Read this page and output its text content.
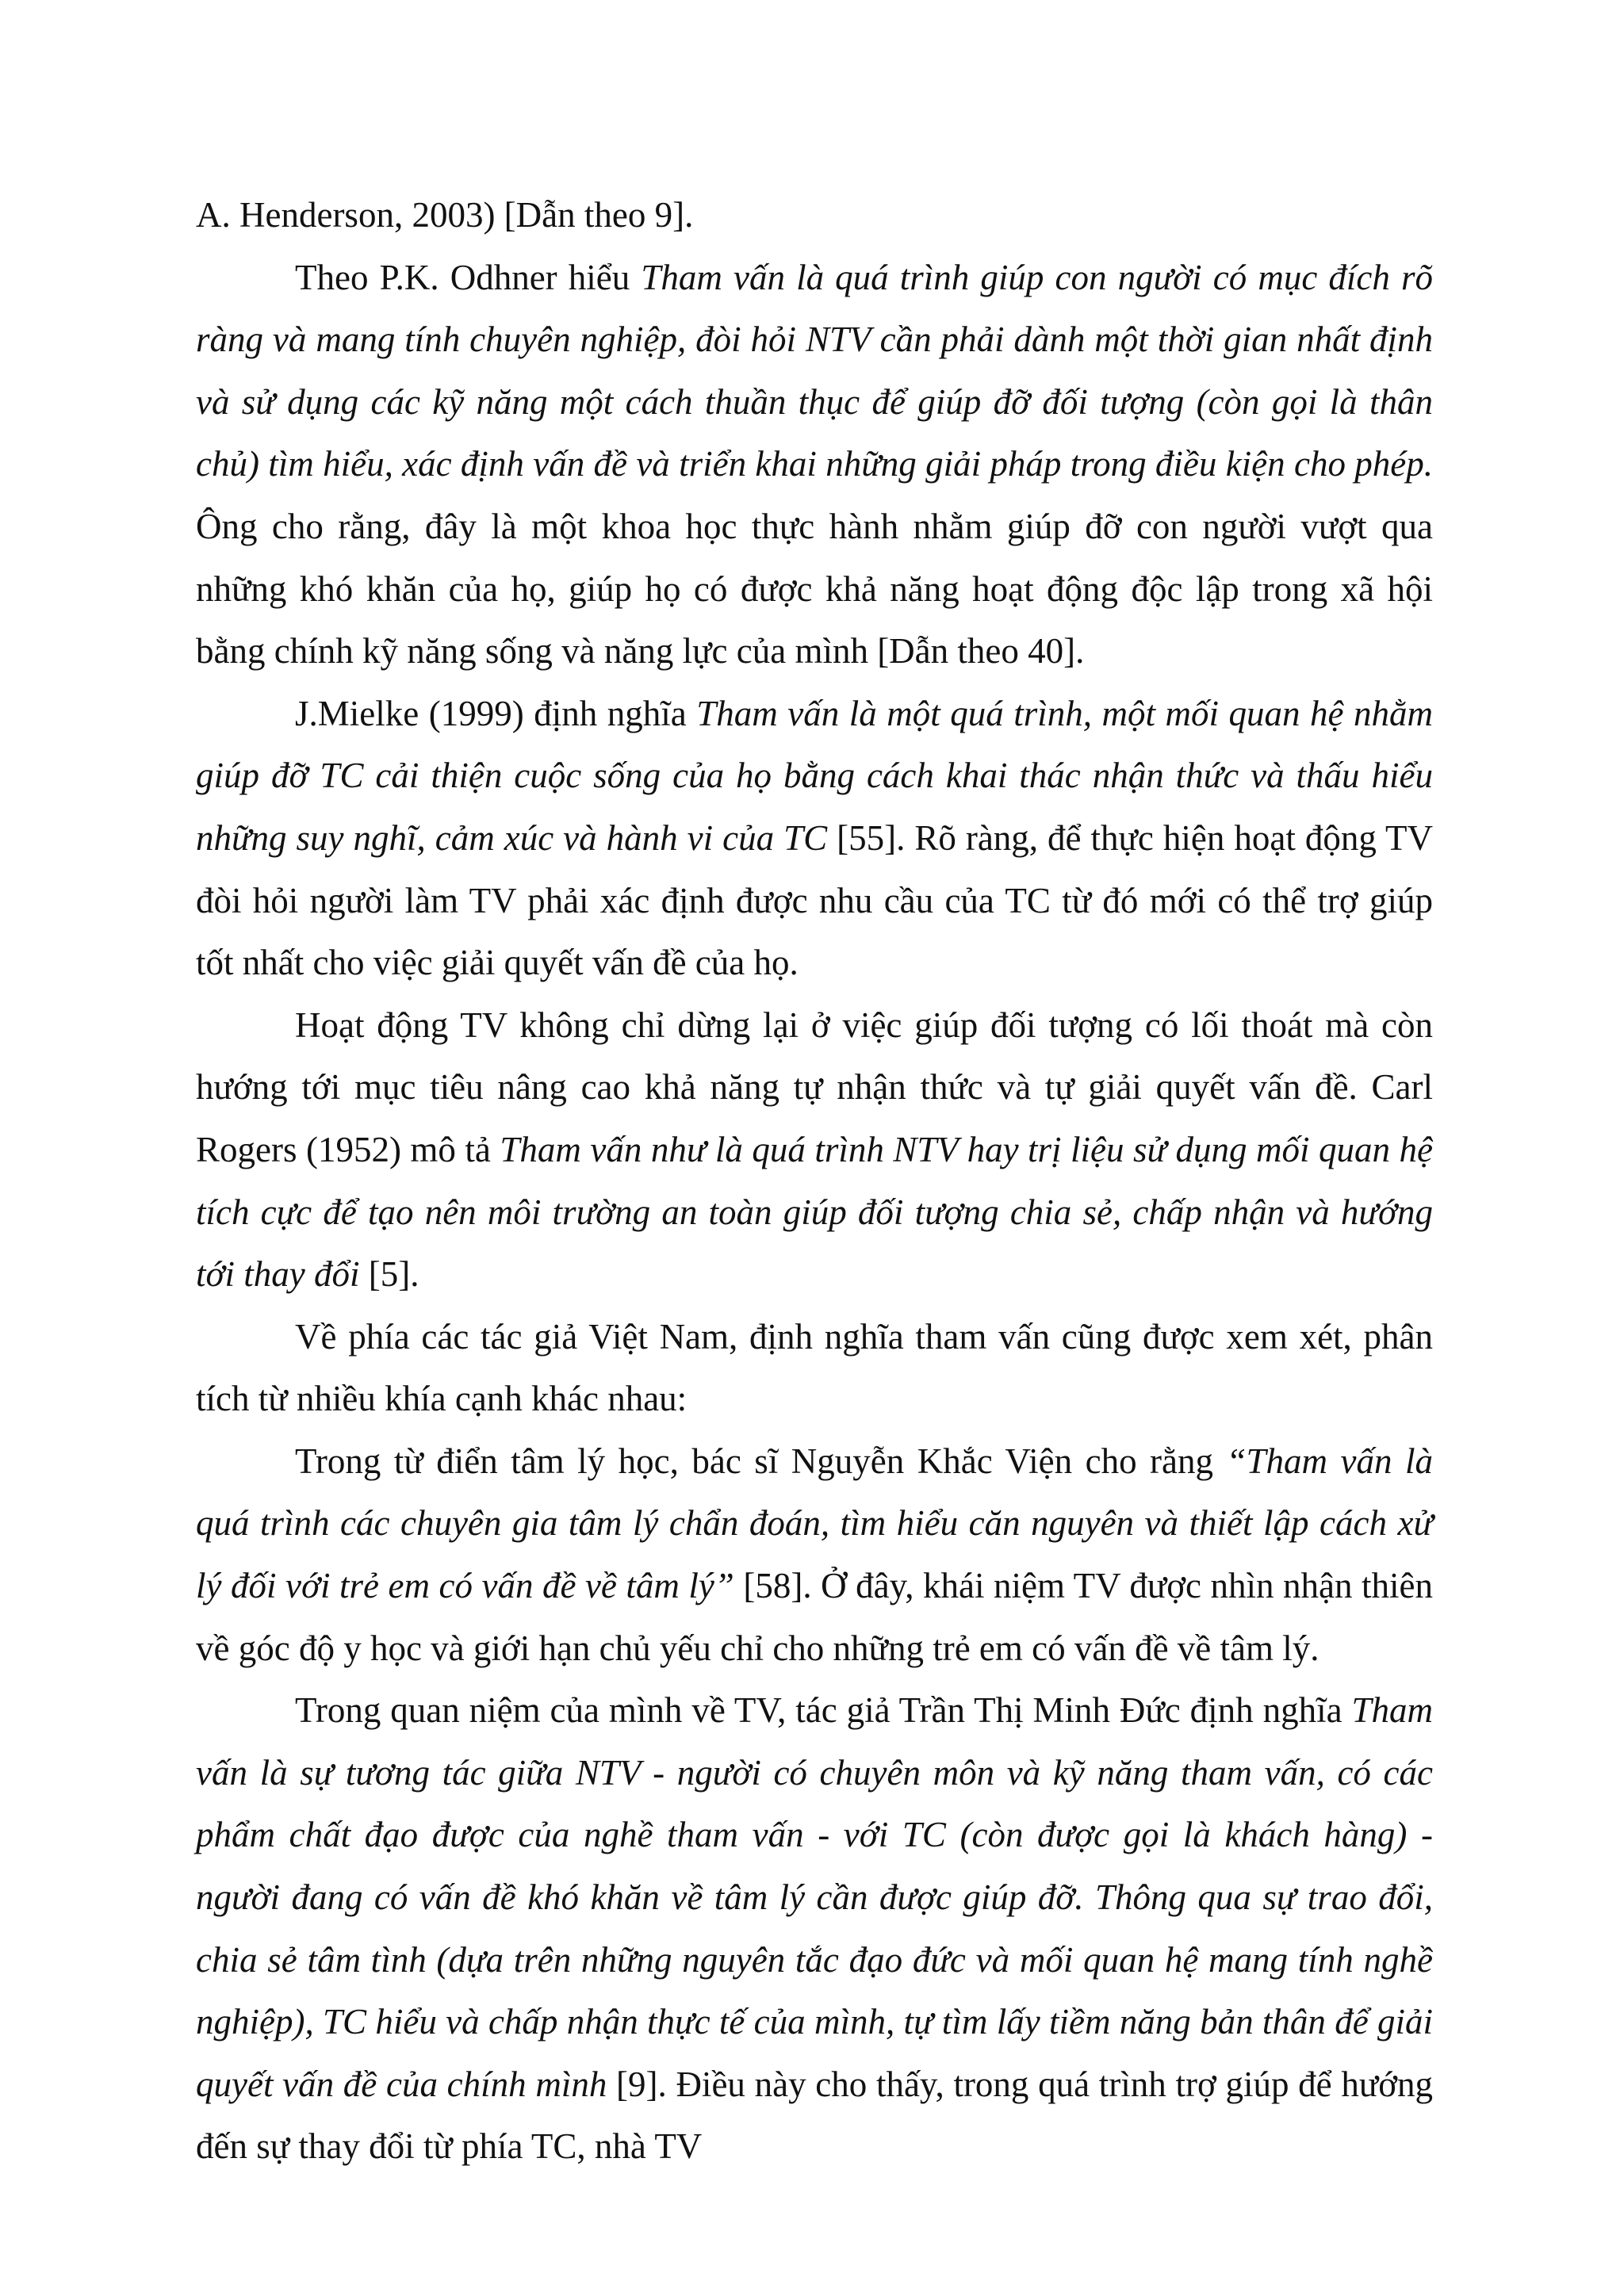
A. Henderson, 2003) [Dẫn theo 9].

Theo P.K. Odhner hiểu Tham vấn là quá trình giúp con người có mục đích rõ ràng và mang tính chuyên nghiệp, đòi hỏi NTV cần phải dành một thời gian nhất định và sử dụng các kỹ năng một cách thuần thục để giúp đỡ đối tượng (còn gọi là thân chủ) tìm hiểu, xác định vấn đề và triển khai những giải pháp trong điều kiện cho phép. Ông cho rằng, đây là một khoa học thực hành nhằm giúp đỡ con người vượt qua những khó khăn của họ, giúp họ có được khả năng hoạt động độc lập trong xã hội bằng chính kỹ năng sống và năng lực của mình [Dẫn theo 40].

J.Mielke (1999) định nghĩa Tham vấn là một quá trình, một mối quan hệ nhằm giúp đỡ TC cải thiện cuộc sống của họ bằng cách khai thác nhận thức và thấu hiểu những suy nghĩ, cảm xúc và hành vi của TC [55]. Rõ ràng, để thực hiện hoạt động TV đòi hỏi người làm TV phải xác định được nhu cầu của TC từ đó mới có thể trợ giúp tốt nhất cho việc giải quyết vấn đề của họ.

Hoạt động TV không chỉ dừng lại ở việc giúp đối tượng có lối thoát mà còn hướng tới mục tiêu nâng cao khả năng tự nhận thức và tự giải quyết vấn đề. Carl Rogers (1952) mô tả Tham vấn như là quá trình NTV hay trị liệu sử dụng mối quan hệ tích cực để tạo nên môi trường an toàn giúp đối tượng chia sẻ, chấp nhận và hướng tới thay đổi [5].

Về phía các tác giả Việt Nam, định nghĩa tham vấn cũng được xem xét, phân tích từ nhiều khía cạnh khác nhau:

Trong từ điển tâm lý học, bác sĩ Nguyễn Khắc Viện cho rằng “Tham vấn là quá trình các chuyên gia tâm lý chẩn đoán, tìm hiểu căn nguyên và thiết lập cách xử lý đối với trẻ em có vấn đề về tâm lý” [58]. Ở đây, khái niệm TV được nhìn nhận thiên về góc độ y học và giới hạn chủ yếu chỉ cho những trẻ em có vấn đề về tâm lý.

Trong quan niệm của mình về TV, tác giả Trần Thị Minh Đức định nghĩa Tham vấn là sự tương tác giữa NTV - người có chuyên môn và kỹ năng tham vấn, có các phẩm chất đạo được của nghề tham vấn - với TC (còn được gọi là khách hàng) - người đang có vấn đề khó khăn về tâm lý cần được giúp đỡ. Thông qua sự trao đổi, chia sẻ tâm tình (dựa trên những nguyên tắc đạo đức và mối quan hệ mang tính nghề nghiệp), TC hiểu và chấp nhận thực tế của mình, tự tìm lấy tiềm năng bản thân để giải quyết vấn đề của chính mình [9]. Điều này cho thấy, trong quá trình trợ giúp để hướng đến sự thay đổi từ phía TC, nhà TV
